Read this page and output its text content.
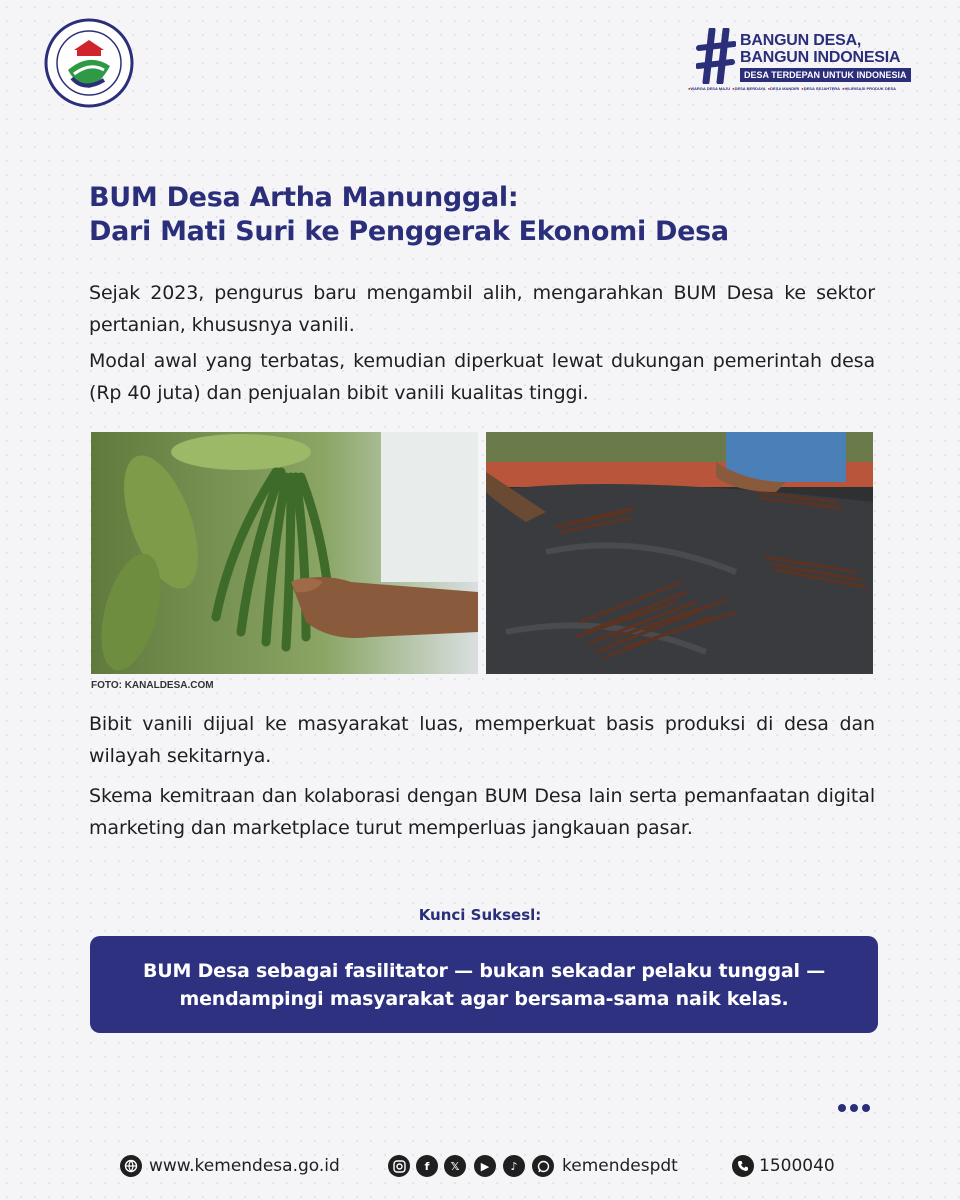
BANGUN DESA,
BANGUN INDONESIA
DESA TERDEPAN UNTUK INDONESIA
● WARGA DESA MAJU	● DESA BERDAYA	● DESA MANDIRI	● DESA SEJAHTERA	● HILIRISASI PRODUK DESA
BUM Desa Artha Manunggal:
Dari Mati Suri ke Penggerak Ekonomi Desa

Sejak 2023, pengurus baru mengambil alih, mengarahkan BUM Desa ke sektor pertanian, khususnya vanili.

Modal awal yang terbatas, kemudian diperkuat lewat dukungan pemerintah desa (Rp 40 juta) dan penjualan bibit vanili kualitas tinggi.

FOTO: KANALDESA.COM

Bibit vanili dijual ke masyarakat luas, memperkuat basis produksi di desa dan wilayah sekitarnya.

Skema kemitraan dan kolaborasi dengan BUM Desa lain serta pemanfaatan digital marketing dan marketplace turut memperluas jangkauan pasar.

Kunci Suksesl:
BUM Desa sebagai fasilitator — bukan sekadar pelaku tunggal — mendampingi masyarakat agar bersama-sama naik kelas.
www.kemendesa.go.id	f	𝕏	▶	♪	kemendespdt	1500040
